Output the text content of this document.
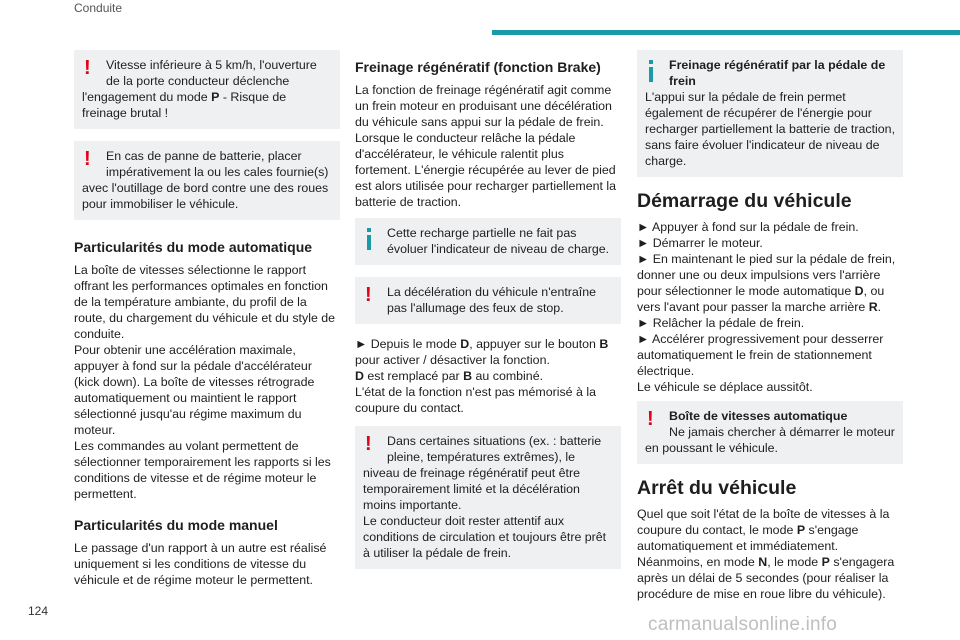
Conduite
!	Vitesse inférieure à 5 km/h, l'ouverture de la porte conducteur déclenche
l'engagement du mode P - Risque de freinage brutal !
!	En cas de panne de batterie, placer impérativement la ou les cales fournie(s)
avec l'outillage de bord contre une des roues pour immobiliser le véhicule.
Particularités du mode automatique

La boîte de vitesses sélectionne le rapport offrant les performances optimales en fonction de la température ambiante, du profil de la route, du chargement du véhicule et du style de conduite.

Pour obtenir une accélération maximale, appuyer à fond sur la pédale d'accélérateur (kick down). La boîte de vitesses rétrograde automatiquement ou maintient le rapport sélectionné jusqu'au régime maximum du moteur.

Les commandes au volant permettent de sélectionner temporairement les rapports si les conditions de vitesse et de régime moteur le permettent.

Particularités du mode manuel

Le passage d'un rapport à un autre est réalisé uniquement si les conditions de vitesse du véhicule et de régime moteur le permettent.

Freinage régénératif (fonction Brake)

La fonction de freinage régénératif agit comme un frein moteur en produisant une décélération du véhicule sans appui sur la pédale de frein. Lorsque le conducteur relâche la pédale d'accélérateur, le véhicule ralentit plus fortement. L'énergie récupérée au lever de pied est alors utilisée pour recharger partiellement la batterie de traction.

Cette recharge partielle ne fait pas évoluer l'indicateur de niveau de charge.
!	La décélération du véhicule n'entraîne pas l'allumage des feux de stop.

► Depuis le mode D, appuyer sur le bouton B pour activer / désactiver la fonction.
D est remplacé par B au combiné.
L'état de la fonction n'est pas mémorisé à la coupure du contact.

!	Dans certaines situations (ex. : batterie pleine, températures extrêmes), le
niveau de freinage régénératif peut être temporairement limité et la décélération moins importante.
Le conducteur doit rester attentif aux conditions de circulation et toujours être prêt à utiliser la pédale de frein.
Freinage régénératif par la pédale de frein
L'appui sur la pédale de frein permet également de récupérer de l'énergie pour recharger partiellement la batterie de traction, sans faire évoluer l'indicateur de niveau de charge.
Démarrage du véhicule

► Appuyer à fond sur la pédale de frein.

► Démarrer le moteur.

► En maintenant le pied sur la pédale de frein, donner une ou deux impulsions vers l'arrière pour sélectionner le mode automatique D, ou vers l'avant pour passer la marche arrière R.

► Relâcher la pédale de frein.

► Accélérer progressivement pour desserrer automatiquement le frein de stationnement électrique.

Le véhicule se déplace aussitôt.

!	Boîte de vitesses automatique
Ne jamais chercher à démarrer le moteur
en poussant le véhicule.
Arrêt du véhicule

Quel que soit l'état de la boîte de vitesses à la coupure du contact, le mode P s'engage automatiquement et immédiatement.

Néanmoins, en mode N, le mode P s'engagera après un délai de 5 secondes (pour réaliser la procédure de mise en roue libre du véhicule).

124
carmanualsonline.info
